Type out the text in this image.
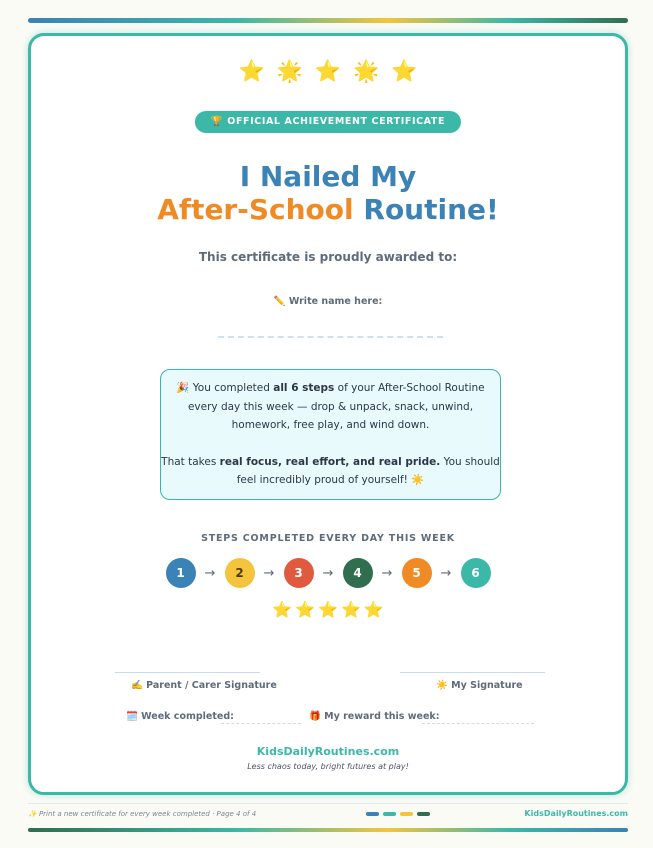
⭐ 🌟 ⭐ 🌟 ⭐
🏆 OFFICIAL ACHIEVEMENT CERTIFICATE
I Nailed My
After-School Routine!
This certificate is proudly awarded to:
✏️ Write name here:

🎉 You completed all 6 steps of your After-School Routine every day this week — drop & unpack, snack, unwind, homework, free play, and wind down.

That takes real focus, real effort, and real pride. You should feel incredibly proud of yourself! ☀️

STEPS COMPLETED EVERY DAY THIS WEEK
1	→	2	→	3	→	4	→	5	→	6
⭐ ⭐ ⭐ ⭐ ⭐
✍️ Parent / Carer Signature	☀️ My Signature
🗓️ Week completed:	🎁 My reward this week:
KidsDailyRoutines.com
Less chaos today, bright futures at play!
✨ Print a new certificate for every week completed · Page 4 of 4	KidsDailyRoutines.com
